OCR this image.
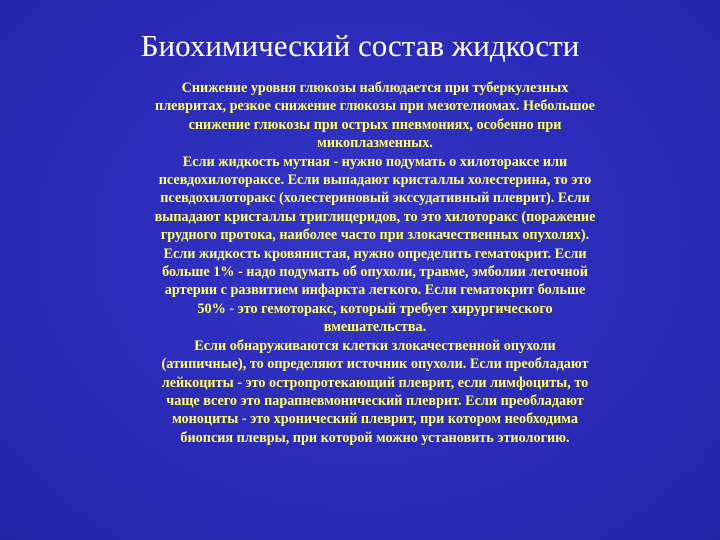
Биохимический состав жидкости
Снижение уровня глюкозы наблюдается при туберкулезных
плевритах, резкое снижение глюкозы при мезотелиомах. Небольшое
снижение глюкозы при острых пневмониях, особенно при
микоплазменных.
Если жидкость мутная - нужно подумать о хилотораксе или
псевдохилотораксе. Если выпадают кристаллы холестерина, то это
псевдохилоторакс (холестериновый экссудативный плеврит). Если
выпадают кристаллы триглицеридов, то это хилоторакс (поражение
грудного протока, наиболее часто при злокачественных опухолях).
Если жидкость кровянистая, нужно определить гематокрит. Если
больше 1% - надо подумать об опухоли, травме, эмболии легочной
артерии с развитием инфаркта легкого. Если гематокрит больше
50% - это гемоторакс, который требует хирургического
вмешательства.
Если обнаруживаются клетки злокачественной опухоли
(атипичные), то определяют источник опухоли. Если преобладают
лейкоциты - это остропротекающий плеврит, если лимфоциты, то
чаще всего это парапневмонический плеврит. Если преобладают
моноциты - это хронический плеврит, при котором необходима
биопсия плевры, при которой можно установить этиологию.
